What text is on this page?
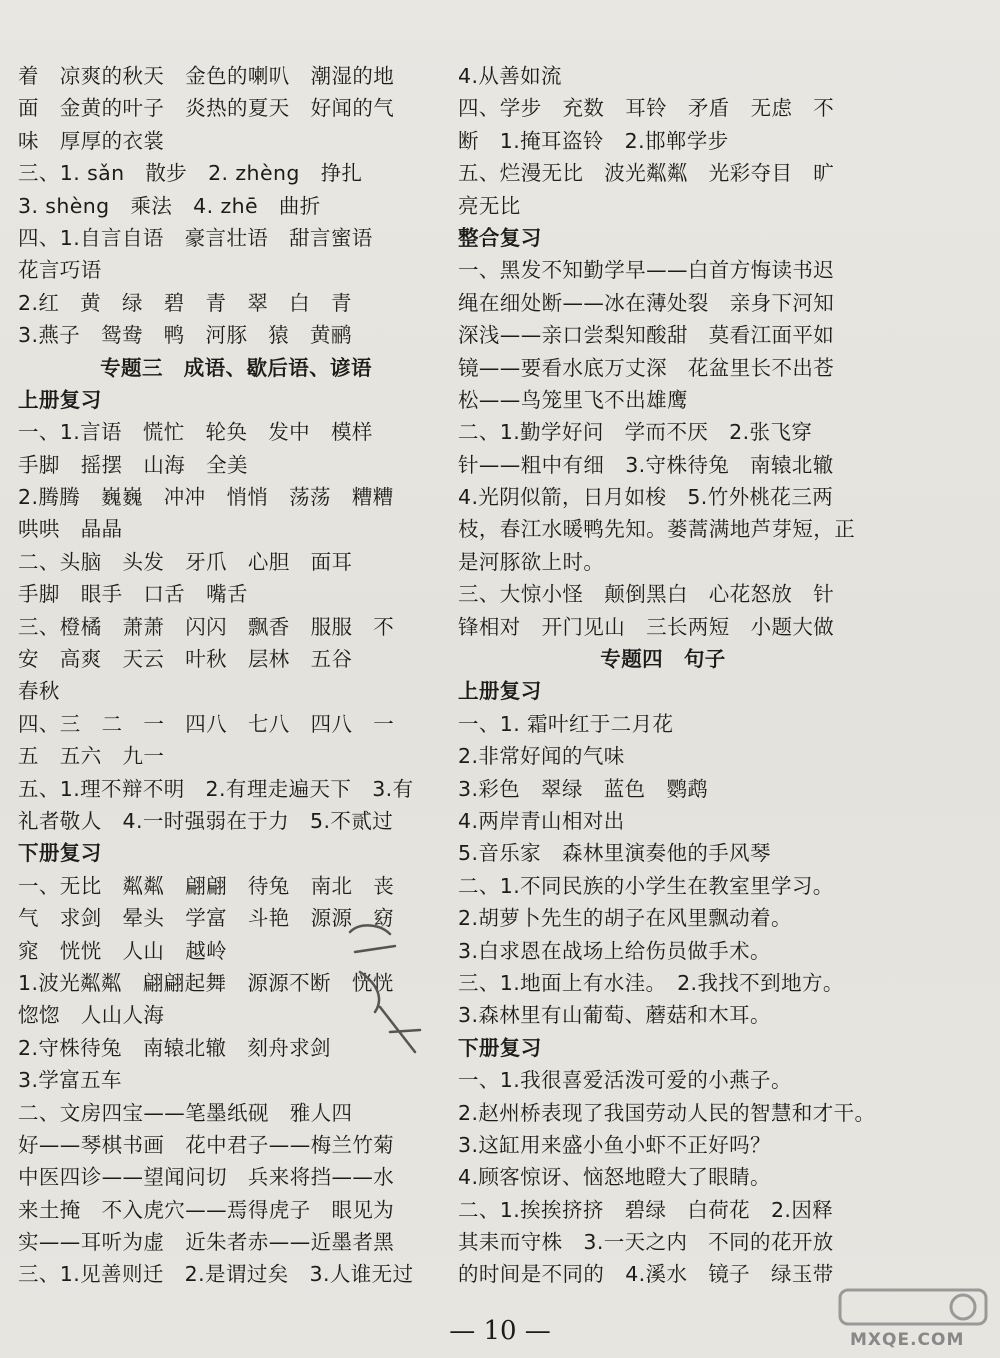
着　凉爽的秋天　金色的喇叭　潮湿的地
面　金黄的叶子　炎热的夏天　好闻的气
味　厚厚的衣裳
三、1. sǎn　散步　2. zhèng　挣扎
3. shèng　乘法　4. zhē　曲折
四、1.自言自语　豪言壮语　甜言蜜语
花言巧语
2.红　黄　绿　碧　青　翠　白　青
3.燕子　鸳鸯　鸭　河豚　猿　黄鹂
专题三　成语、歇后语、谚语
上册复习
一、1.言语　慌忙　轮奂　发中　模样
手脚　摇摆　山海　全美
2.腾腾　巍巍　冲冲　悄悄　荡荡　糟糟
哄哄　晶晶
二、头脑　头发　牙爪　心胆　面耳
手脚　眼手　口舌　嘴舌
三、橙橘　萧萧　闪闪　飘香　服服　不
安　高爽　天云　叶秋　层林　五谷
春秋
四、三　二　一　四八　七八　四八　一
五　五六　九一
五、1.理不辩不明　2.有理走遍天下　3.有
礼者敬人　4.一时强弱在于力　5.不贰过
下册复习
一、无比　粼粼　翩翩　待兔　南北　丧
气　求剑　晕头　学富　斗艳　源源　窈
窕　恍恍　人山　越岭
1.波光粼粼　翩翩起舞　源源不断　恍恍
惚惚　人山人海
2.守株待兔　南辕北辙　刻舟求剑
3.学富五车
二、文房四宝——笔墨纸砚　雅人四
好——琴棋书画　花中君子——梅兰竹菊
中医四诊——望闻问切　兵来将挡——水
来土掩　不入虎穴——焉得虎子　眼见为
实——耳听为虚　近朱者赤——近墨者黑
三、1.见善则迁　2.是谓过矣　3.人谁无过
4.从善如流
四、学步　充数　耳铃　矛盾　无虑　不
断　1.掩耳盗铃　2.邯郸学步
五、烂漫无比　波光粼粼　光彩夺目　旷
亮无比
整合复习
一、黑发不知勤学早——白首方悔读书迟
绳在细处断——冰在薄处裂　亲身下河知
深浅——亲口尝梨知酸甜　莫看江面平如
镜——要看水底万丈深　花盆里长不出苍
松——鸟笼里飞不出雄鹰
二、1.勤学好问　学而不厌　2.张飞穿
针——粗中有细　3.守株待兔　南辕北辙
4.光阴似箭，日月如梭　5.竹外桃花三两
枝，春江水暖鸭先知。蒌蒿满地芦芽短，正
是河豚欲上时。
三、大惊小怪　颠倒黑白　心花怒放　针
锋相对　开门见山　三长两短　小题大做
专题四　句子
上册复习
一、1. 霜叶红于二月花
2.非常好闻的气味
3.彩色　翠绿　蓝色　鹦鹉
4.两岸青山相对出
5.音乐家　森林里演奏他的手风琴
二、1.不同民族的小学生在教室里学习。
2.胡萝卜先生的胡子在风里飘动着。
3.白求恩在战场上给伤员做手术。
三、1.地面上有水洼。　2.我找不到地方。
3.森林里有山葡萄、蘑菇和木耳。
下册复习
一、1.我很喜爱活泼可爱的小燕子。
2.赵州桥表现了我国劳动人民的智慧和才干。
3.这缸用来盛小鱼小虾不正好吗？
4.顾客惊讶、恼怒地瞪大了眼睛。
二、1.挨挨挤挤　碧绿　白荷花　2.因释
其耒而守株　3.一天之内　不同的花开放
的时间是不同的　4.溪水　镜子　绿玉带
— 10 —	MXQE.COM
